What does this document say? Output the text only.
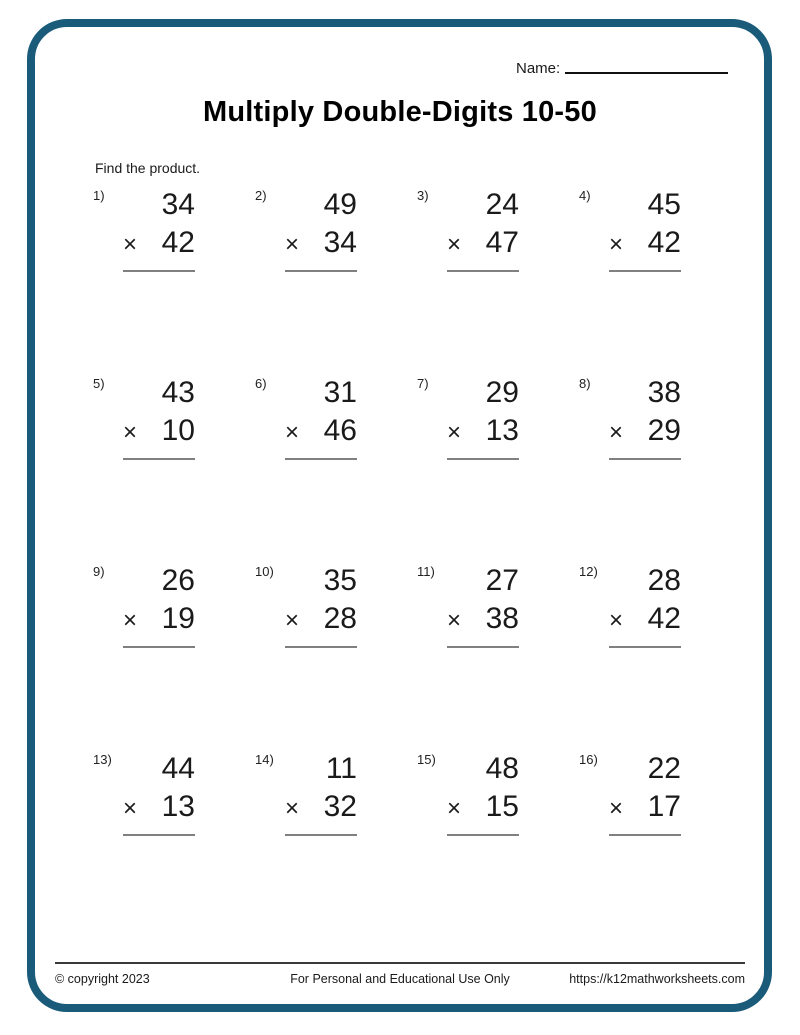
Name:
Multiply Double-Digits 10-50
Find the product.
1)	34
× 42
2)	49
× 34
3)	24
× 47
4)	45
× 42
5)	43
× 10
6)	31
× 46
7)	29
× 13
8)	38
× 29
9)	26
× 19
10)	35
× 28
11)	27
× 38
12)	28
× 42
13)	44
× 13
14)	11
× 32
15)	48
× 15
16)	22
× 17
For Personal and Educational Use Only
© copyright 2023	https://k12mathworksheets.com
